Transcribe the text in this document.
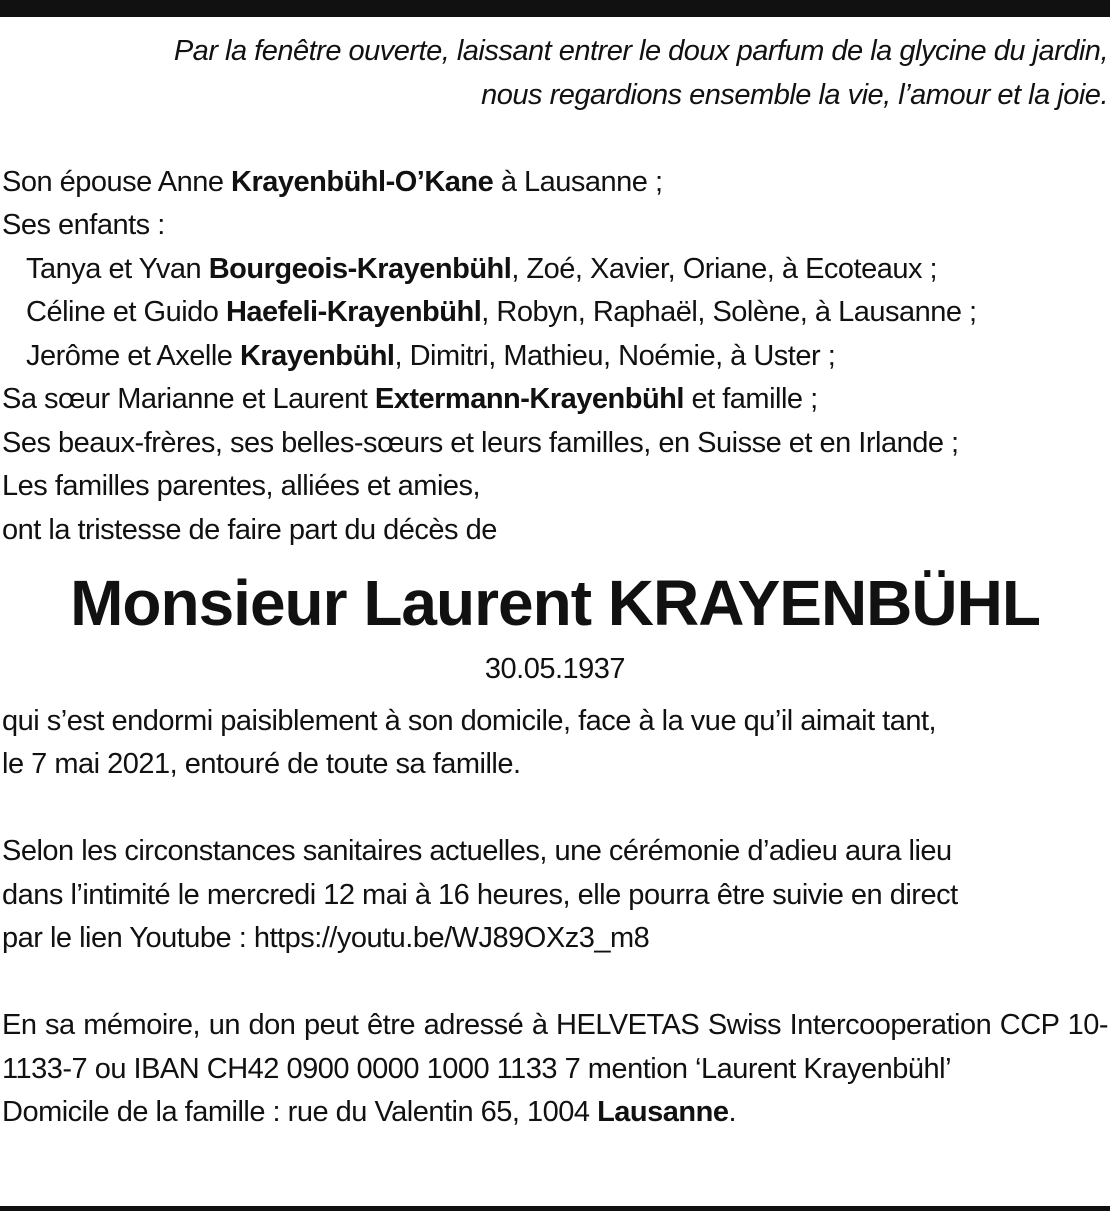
Par la fenêtre ouverte, laissant entrer le doux parfum de la glycine du jardin,
nous regardions ensemble la vie, l’amour et la joie.

Son épouse Anne Krayenbühl-O’Kane à Lausanne ;

Ses enfants :

Tanya et Yvan Bourgeois-Krayenbühl, Zoé, Xavier, Oriane, à Ecoteaux ;

Céline et Guido Haefeli-Krayenbühl, Robyn, Raphaël, Solène, à Lausanne ;

Jerôme et Axelle Krayenbühl, Dimitri, Mathieu, Noémie, à Uster ;

Sa sœur Marianne et Laurent Extermann-Krayenbühl et famille ;

Ses beaux-frères, ses belles-sœurs et leurs familles, en Suisse et en Irlande ;

Les familles parentes, alliées et amies,

ont la tristesse de faire part du décès de

Monsieur Laurent KRAYENBÜHL

30.05.1937

qui s’est endormi paisiblement à son domicile, face à la vue qu’il aimait tant,

le 7 mai 2021, entouré de toute sa famille.

Selon les circonstances sanitaires actuelles, une cérémonie d’adieu aura lieu

dans l’intimité le mercredi 12 mai à 16 heures, elle pourra être suivie en direct

par le lien Youtube : https://youtu.be/WJ89OXz3_m8

En sa mémoire, un don peut être adressé à HELVETAS Swiss Intercooperation CCP 10-1133-7 ou IBAN CH42 0900 0000 1000 1133 7 mention ‘Laurent Krayenbühl’

Domicile de la famille : rue du Valentin 65, 1004 Lausanne.
